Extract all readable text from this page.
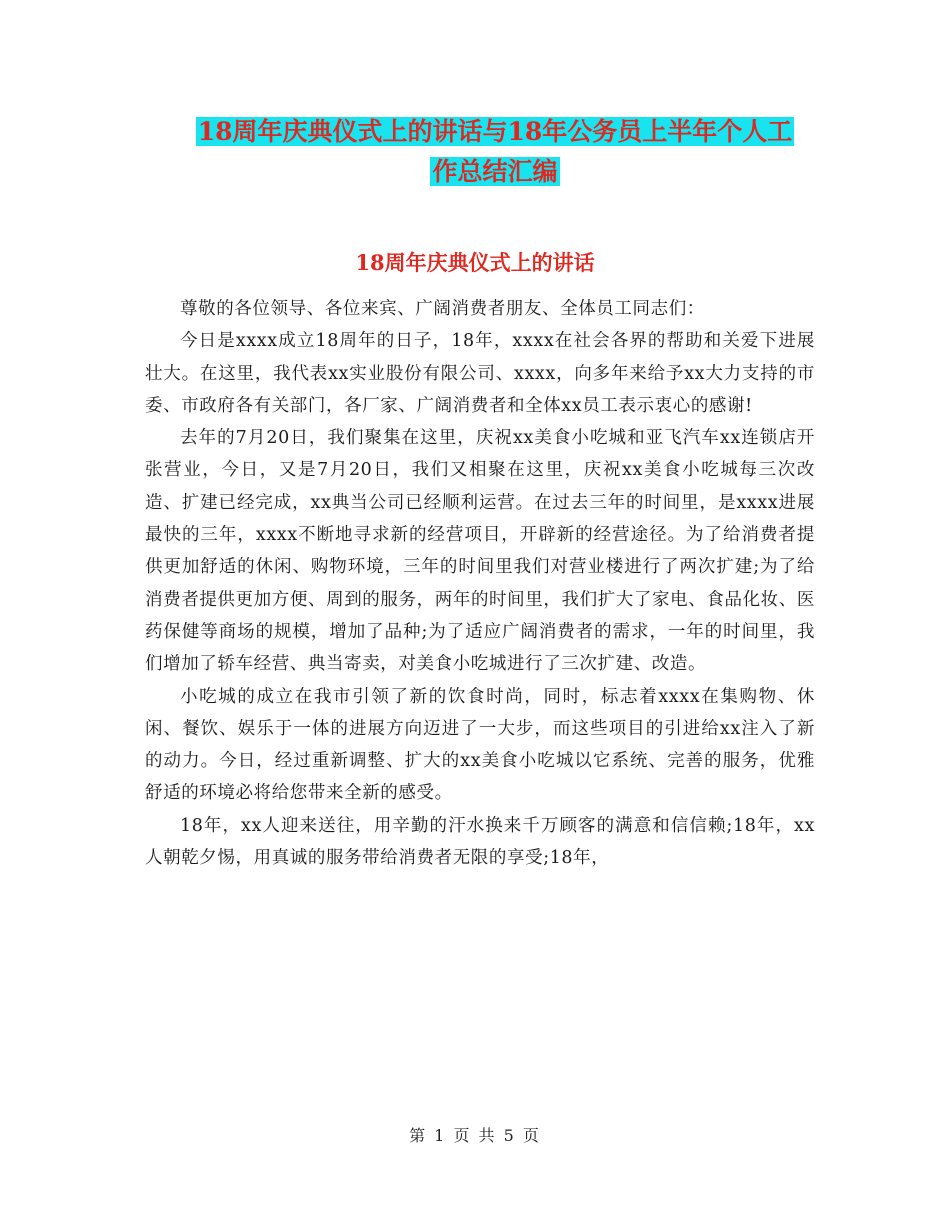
18周年庆典仪式上的讲话与18年公务员上半年个人工
作总结汇编
18周年庆典仪式上的讲话

尊敬的各位领导、各位来宾、广阔消费者朋友、全体员工同志们：

今日是xxxx成立18周年的日子，18年，xxxx在社会各界的帮助和关爱下进展壮大。在这里，我代表xx实业股份有限公司、xxxx，向多年来给予xx大力支持的市委、市政府各有关部门，各厂家、广阔消费者和全体xx员工表示衷心的感谢!

去年的7月20日，我们聚集在这里，庆祝xx美食小吃城和亚飞汽车xx连锁店开张营业，今日，又是7月20日，我们又相聚在这里，庆祝xx美食小吃城每三次改造、扩建已经完成，xx典当公司已经顺利运营。在过去三年的时间里，是xxxx进展最快的三年，xxxx不断地寻求新的经营项目，开辟新的经营途径。为了给消费者提供更加舒适的休闲、购物环境，三年的时间里我们对营业楼进行了两次扩建;为了给消费者提供更加方便、周到的服务，两年的时间里，我们扩大了家电、食品化妆、医药保健等商场的规模，增加了品种;为了适应广阔消费者的需求，一年的时间里，我们增加了轿车经营、典当寄卖，对美食小吃城进行了三次扩建、改造。

小吃城的成立在我市引领了新的饮食时尚，同时，标志着xxxx在集购物、休闲、餐饮、娱乐于一体的进展方向迈进了一大步，而这些项目的引进给xx注入了新的动力。今日，经过重新调整、扩大的xx美食小吃城以它系统、完善的服务，优雅舒适的环境必将给您带来全新的感受。

18年，xx人迎来送往，用辛勤的汗水换来千万顾客的满意和信信赖;18年，xx人朝乾夕惕，用真诚的服务带给消费者无限的享受;18年，

第 1 页 共 5 页
